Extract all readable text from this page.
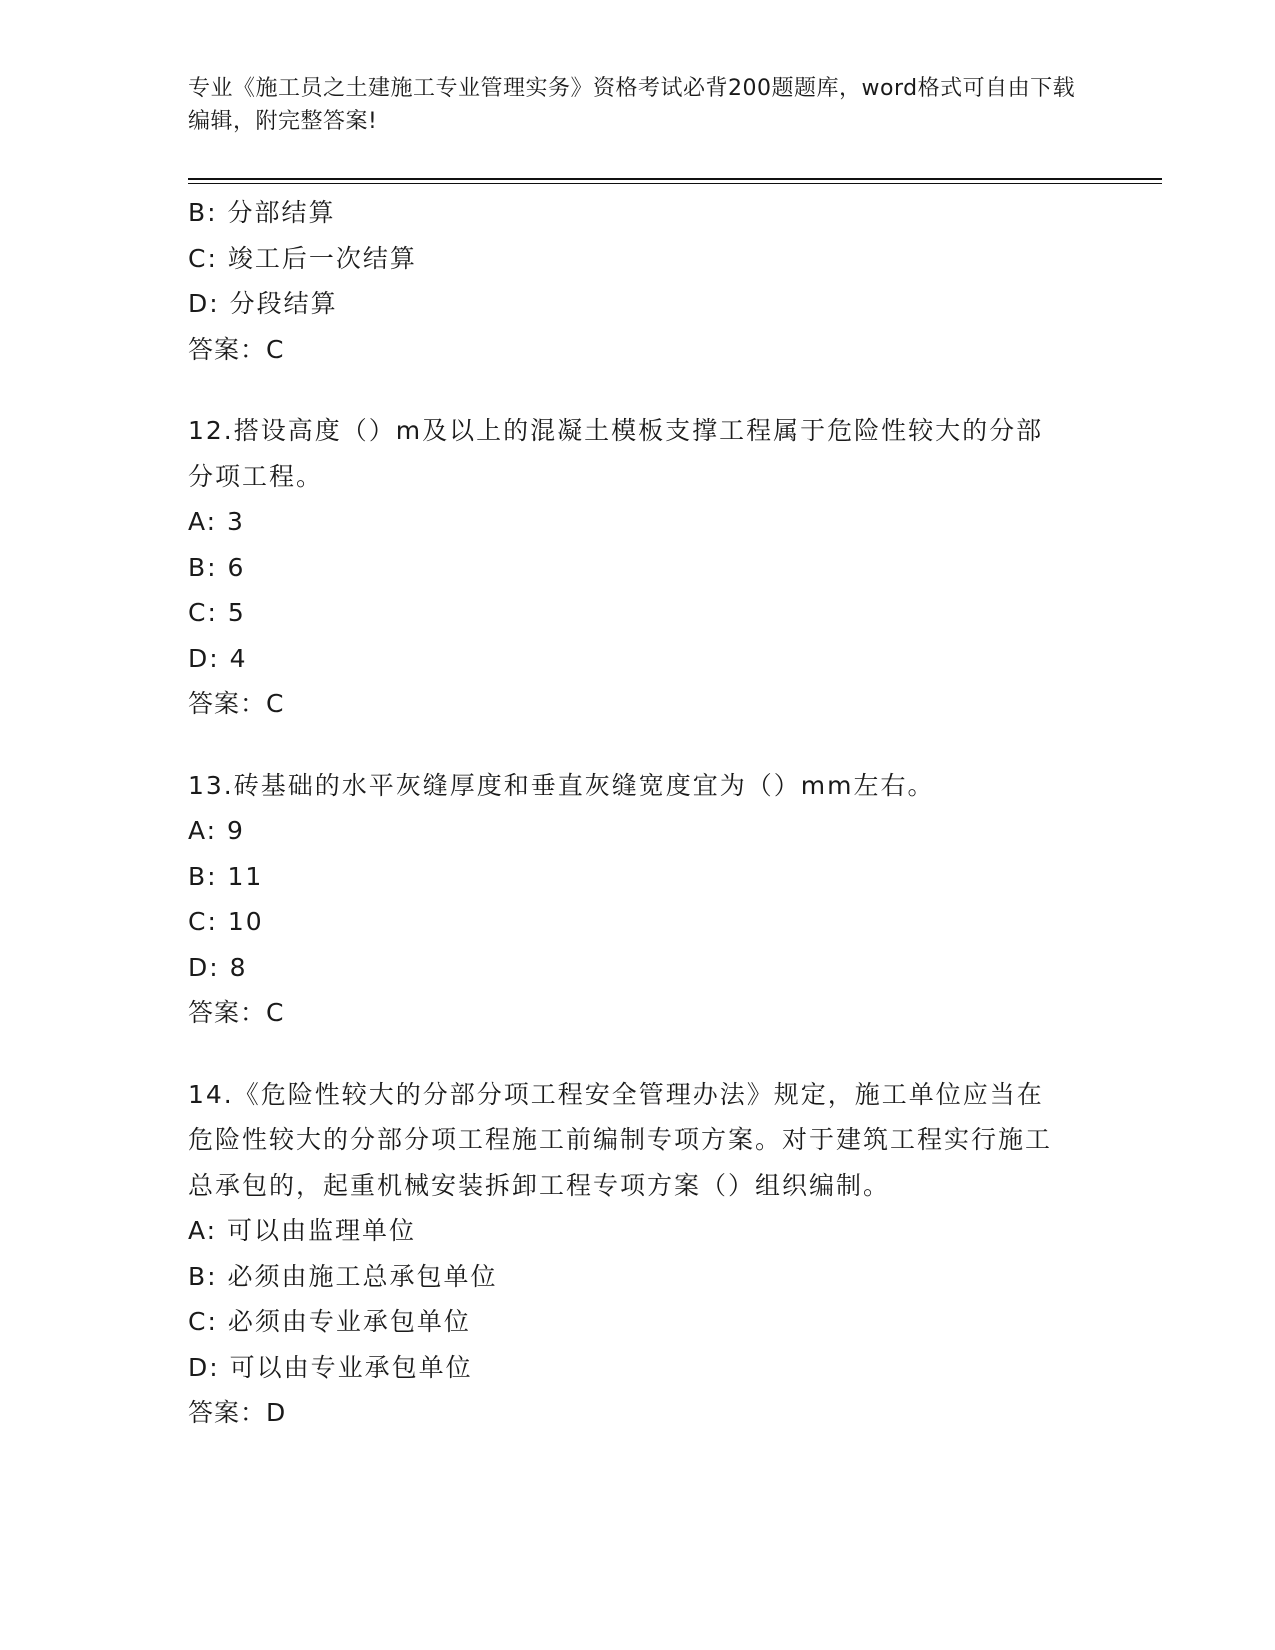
专业《施工员之土建施工专业管理实务》资格考试必背200题题库，word格式可自由下载编辑，附完整答案!
B: 分部结算
C: 竣工后一次结算
D: 分段结算
答案：C
12.搭设高度（）m及以上的混凝土模板支撑工程属于危险性较大的分部分项工程。
A: 3
B: 6
C: 5
D: 4
答案：C
13.砖基础的水平灰缝厚度和垂直灰缝宽度宜为（）mm左右。
A: 9
B: 11
C: 10
D: 8
答案：C
14.《危险性较大的分部分项工程安全管理办法》规定，施工单位应当在危险性较大的分部分项工程施工前编制专项方案。对于建筑工程实行施工总承包的，起重机械安装拆卸工程专项方案（）组织编制。
A: 可以由监理单位
B: 必须由施工总承包单位
C: 必须由专业承包单位
D: 可以由专业承包单位
答案：D
